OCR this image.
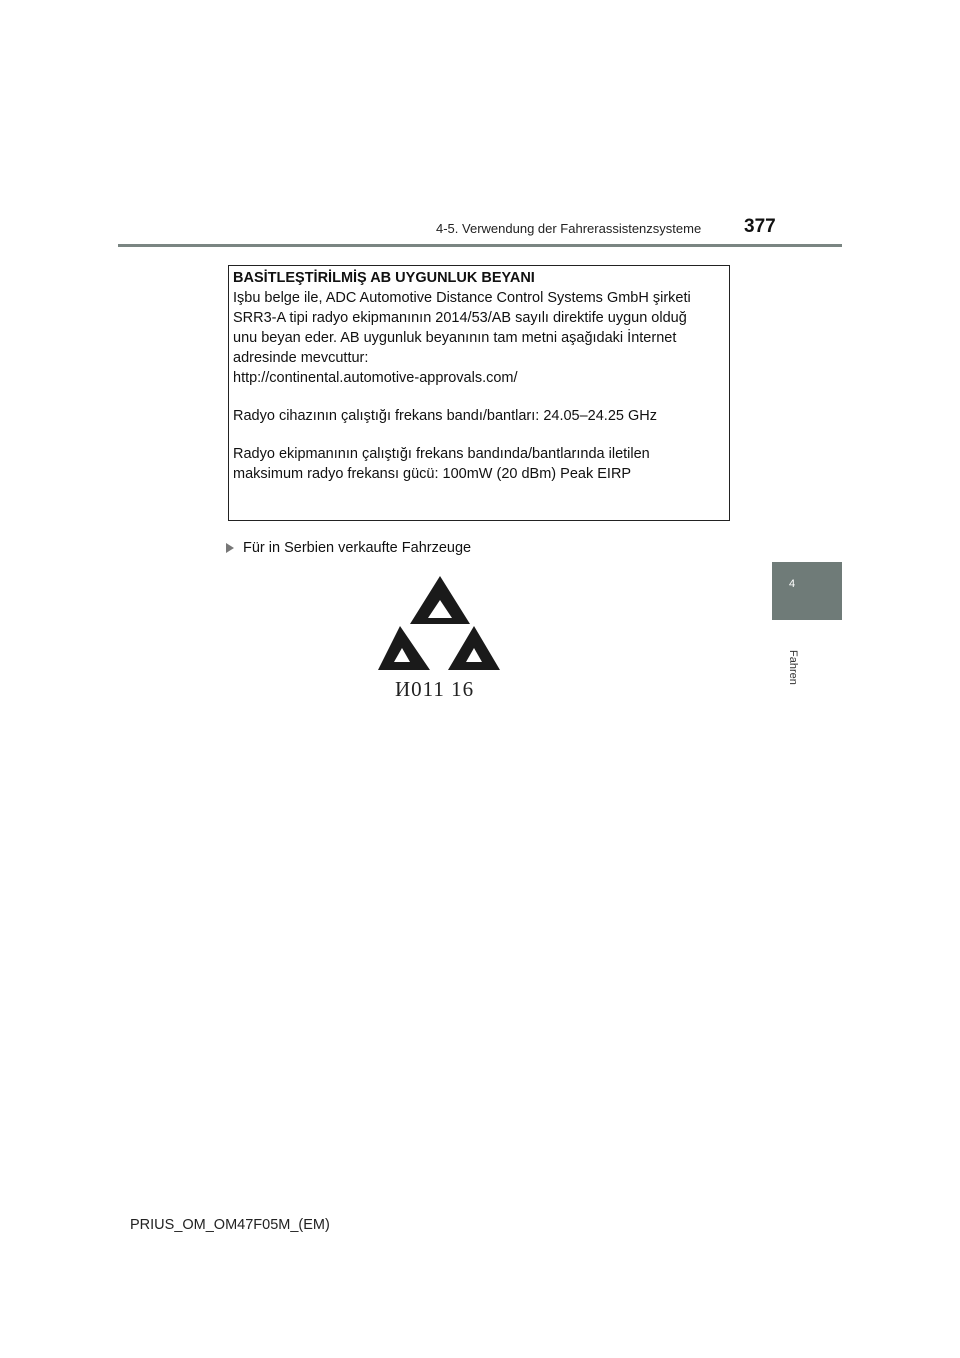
4-5. Verwendung der Fahrerassistenzsysteme 377
4
Fahren
BASİTLEŞTİRİLMİŞ AB UYGUNLUK BEYANI
Işbu belge ile, ADC Automotive Distance Control Systems GmbH şirketi
SRR3-A tipi radyo ekipmanının 2014/53/AB sayılı direktife uygun olduğ
unu beyan eder. AB uygunluk beyanının tam metni aşağıdaki İnternet
adresinde mevcuttur:
http://continental.automotive-approvals.com/
Radyo cihazının çalıştığı frekans bandı/bantları: 24.05–24.25 GHz
Radyo ekipmanının çalıştığı frekans bandında/bantlarında iletilen
maksimum radyo frekansı gücü: 100mW (20 dBm) Peak EIRP
Für in Serbien verkaufte Fahrzeuge
И011 16
PRIUS_OM_OM47F05M_(EM)
